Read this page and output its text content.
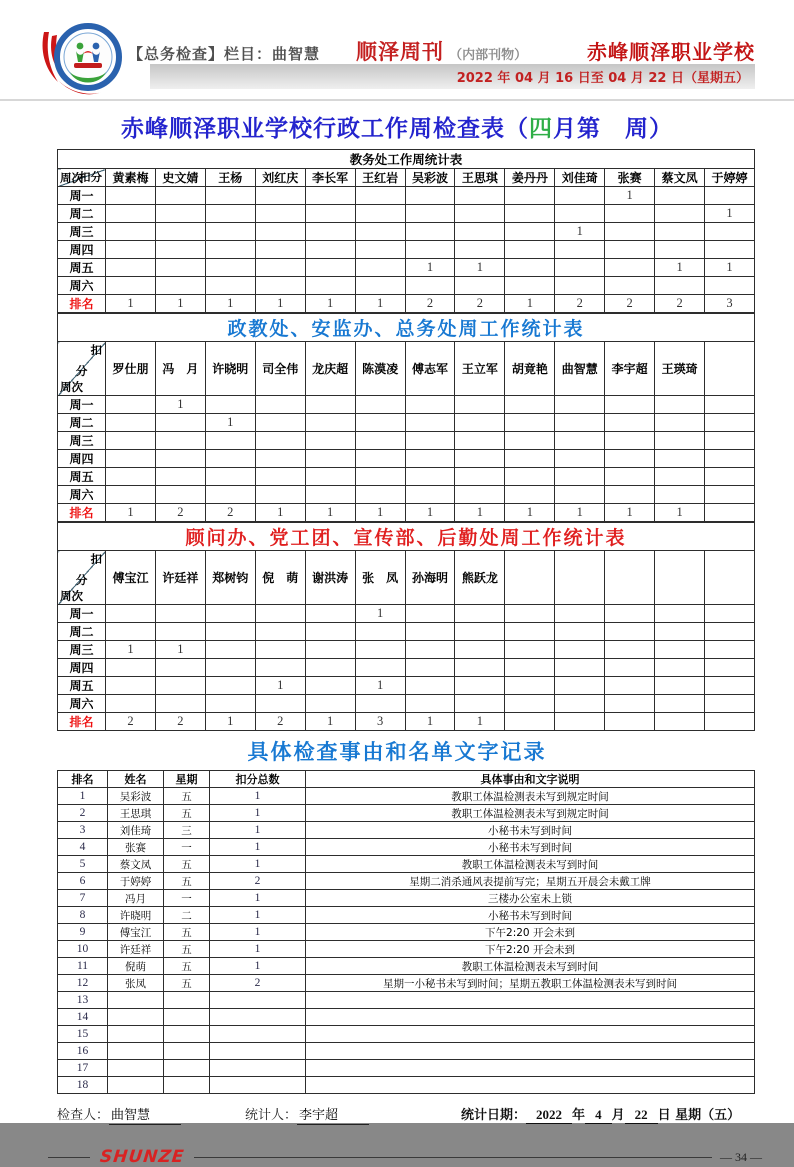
【总务检查】栏目：曲智慧 顺泽周刊 （内部刊物）	赤峰顺泽职业学校
2022 年 04 月 16 日至 04 月 22 日（星期五）
赤峰顺泽职业学校行政工作周检查表（四月第　周）
教务处工作周统计表													

扣分
周次	黄素梅	史文婧	王杨	刘红庆	李长军	王红岩	吴彩波	王思琪	姜丹丹	刘佳琦	张赛	蔡文凤	于婷婷
周一											1		
周二													1
周三										1			
周四													
周五							1	1				1	1
周六													
排名	1	1	1	1	1	1	2	2	1	2	2	2	3
政教处、安监办、总务处周工作统计表													

扣
分
周次	罗仕朋	冯　月	许晓明	司全伟	龙庆超	陈漠凌	傅志军	王立军	胡竟艳	曲智慧	李宇超	王瑛琦	
周一		1											
周二			1										
周三													
周四													
周五													
周六													
排名	1	2	2	1	1	1	1	1	1	1	1	1	
顾问办、党工团、宣传部、后勤处周工作统计表													

扣
分
周次	傅宝江	许廷祥	郑树钧	倪　萌	谢洪涛	张　凤	孙海明	熊跃龙					
周一						1							
周二													
周三	1	1											
周四													
周五				1		1							
周六													
排名	2	2	1	2	1	3	1	1					
具体检查事由和名单文字记录
排名	姓名	星期	扣分总数	具体事由和文字说明
1	吴彩波	五	1	教职工体温检测表未写到规定时间
2	王思琪	五	1	教职工体温检测表未写到规定时间
3	刘佳琦	三	1	小秘书未写到时间
4	张赛	一	1	小秘书未写到时间
5	蔡文凤	五	1	教职工体温检测表未写到时间
6	于婷婷	五	2	星期二消杀通风表提前写完；星期五开晨会未戴工牌
7	冯月	一	1	三楼办公室未上锁
8	许晓明	二	1	小秘书未写到时间
9	傅宝江	五	1	下午2:20 开会未到
10	许廷祥	五	1	下午2:20 开会未到
11	倪萌	五	1	教职工体温检测表未写到时间
12	张凤	五	2	星期一小秘书未写到时间；星期五教职工体温检测表未写到时间
13				
14				
15				
16				
17				
18				
检查人： 曲智慧	统计人： 李宇超	统计日期： 2022 年 4 月 22 日 星期（五）
SHUNZE	— 34 —
